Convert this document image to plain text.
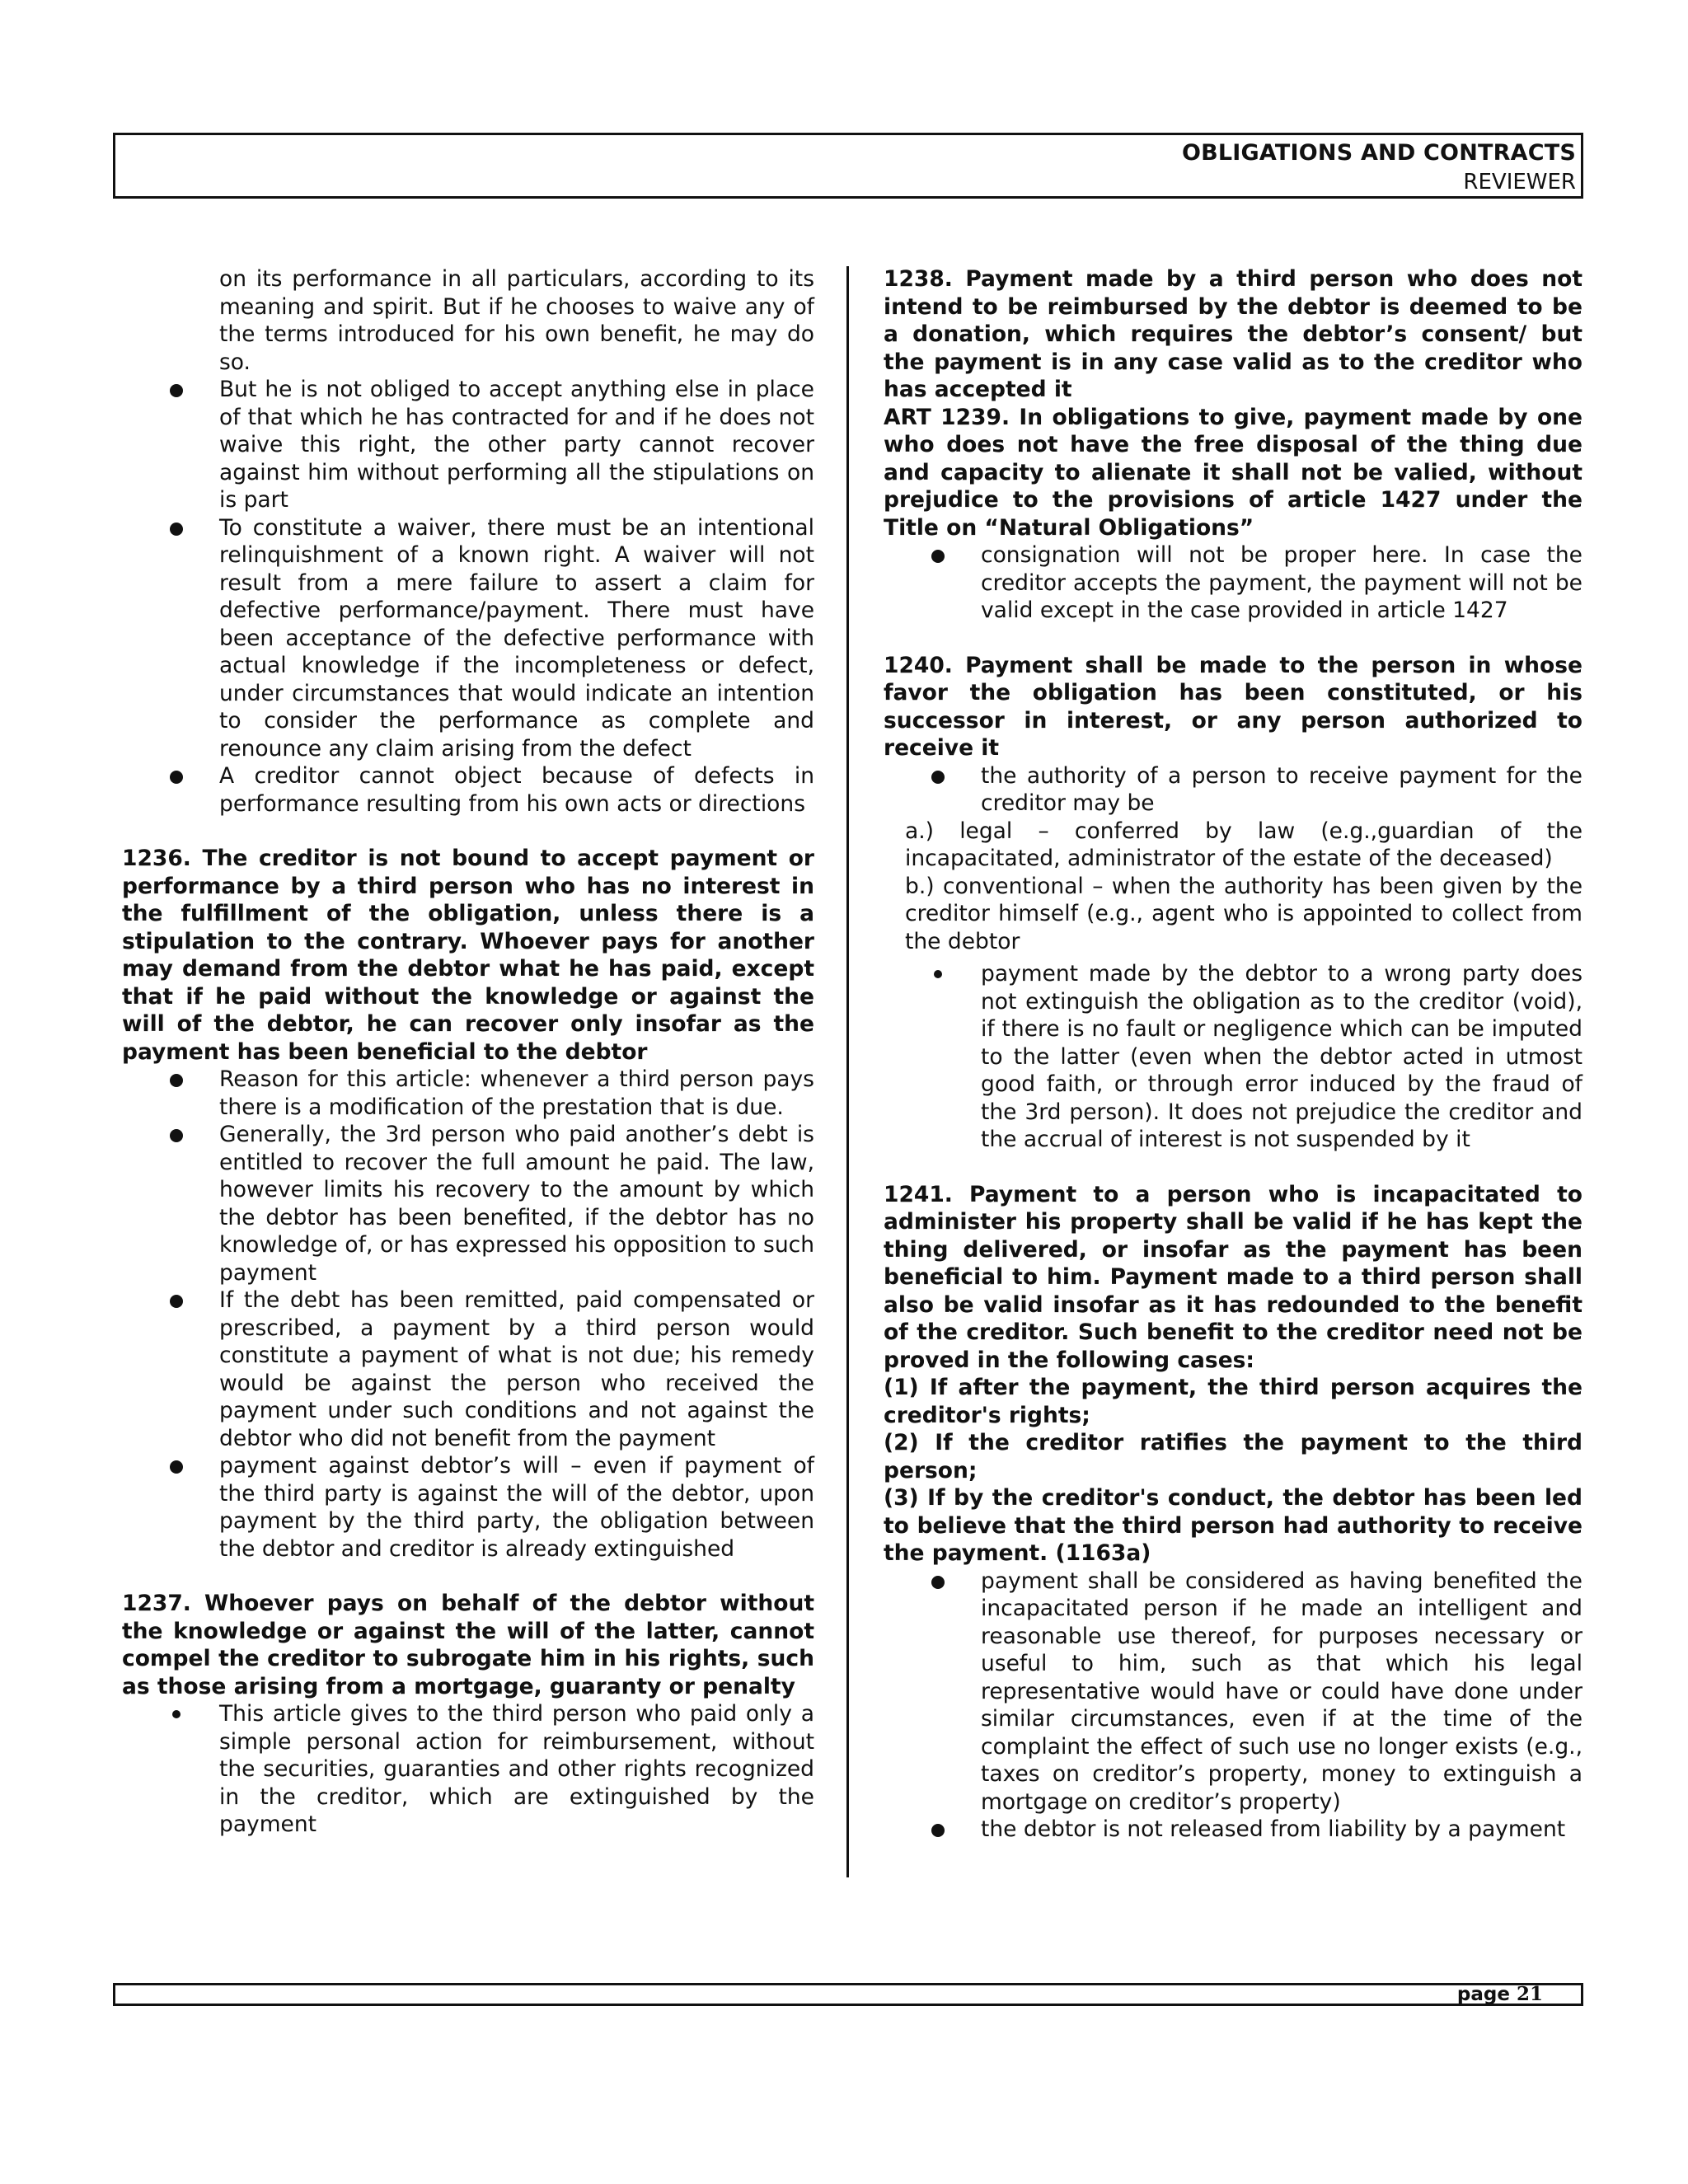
OBLIGATIONS AND CONTRACTS
REVIEWER
on its performance in all particulars, according to its meaning and spirit. But if he chooses to waive any of the terms introduced for his own benefit, he may do so.
But he is not obliged to accept anything else in place of that which he has contracted for and if he does not waive this right, the other party cannot recover against him without performing all the stipulations on is part
To constitute a waiver, there must be an intentional relinquishment of a known right. A waiver will not result from a mere failure to assert a claim for defective performance/payment. There must have been acceptance of the defective performance with actual knowledge if the incompleteness or defect, under circumstances that would indicate an intention to consider the performance as complete and renounce any claim arising from the defect
A creditor cannot object because of defects in performance resulting from his own acts or directions
1236. The creditor is not bound to accept payment or performance by a third person who has no interest in the fulfillment of the obligation, unless there is a stipulation to the contrary. Whoever pays for another may demand from the debtor what he has paid, except that if he paid without the knowledge or against the will of the debtor, he can recover only insofar as the payment has been beneficial to the debtor
Reason for this article: whenever a third person pays there is a modification of the prestation that is due.
Generally, the 3rd person who paid another’s debt is entitled to recover the full amount he paid. The law, however limits his recovery to the amount by which the debtor has been benefited, if the debtor has no knowledge of, or has expressed his opposition to such payment
If the debt has been remitted, paid compensated or prescribed, a payment by a third person would constitute a payment of what is not due; his remedy would be against the person who received the payment under such conditions and not against the debtor who did not benefit from the payment
payment against debtor’s will – even if payment of the third party is against the will of the debtor, upon payment by the third party, the obligation between the debtor and creditor is already extinguished
1237. Whoever pays on behalf of the debtor without the knowledge or against the will of the latter, cannot compel the creditor to subrogate him in his rights, such as those arising from a mortgage, guaranty or penalty
This article gives to the third person who paid only a simple personal action for reimbursement, without the securities, guaranties and other rights recognized in the creditor, which are extinguished by the payment
1238. Payment made by a third person who does not intend to be reimbursed by the debtor is deemed to be a donation, which requires the debtor’s consent/ but the payment is in any case valid as to the creditor who has accepted it
ART 1239. In obligations to give, payment made by one who does not have the free disposal of the thing due and capacity to alienate it shall not be valied, without prejudice to the provisions of article 1427 under the Title on “Natural Obligations”
consignation will not be proper here. In case the creditor accepts the payment, the payment will not be valid except in the case provided in article 1427
1240. Payment shall be made to the person in whose favor the obligation has been constituted, or his successor in interest, or any person authorized to receive it
the authority of a person to receive payment for the creditor may be
a.) legal – conferred by law (e.g.,guardian of the incapacitated, administrator of the estate of the deceased)
b.) conventional – when the authority has been given by the creditor himself (e.g., agent who is appointed to collect from the debtor
payment made by the debtor to a wrong party does not extinguish the obligation as to the creditor (void), if there is no fault or negligence which can be imputed to the latter (even when the debtor acted in utmost good faith, or through error induced by the fraud of the 3rd person). It does not prejudice the creditor and the accrual of interest is not suspended by it
1241. Payment to a person who is incapacitated to administer his property shall be valid if he has kept the thing delivered, or insofar as the payment has been beneficial to him. Payment made to a third person shall also be valid insofar as it has redounded to the benefit of the creditor. Such benefit to the creditor need not be proved in the following cases:
(1) If after the payment, the third person acquires the creditor's rights;
(2) If the creditor ratifies the payment to the third person;
(3) If by the creditor's conduct, the debtor has been led to believe that the third person had authority to receive the payment. (1163a)
payment shall be considered as having benefited the incapacitated person if he made an intelligent and reasonable use thereof, for purposes necessary or useful to him, such as that which his legal representative would have or could have done under similar circumstances, even if at the time of the complaint the effect of such use no longer exists (e.g., taxes on creditor’s property, money to extinguish a mortgage on creditor’s property)
the debtor is not released from liability by a payment
page 21
